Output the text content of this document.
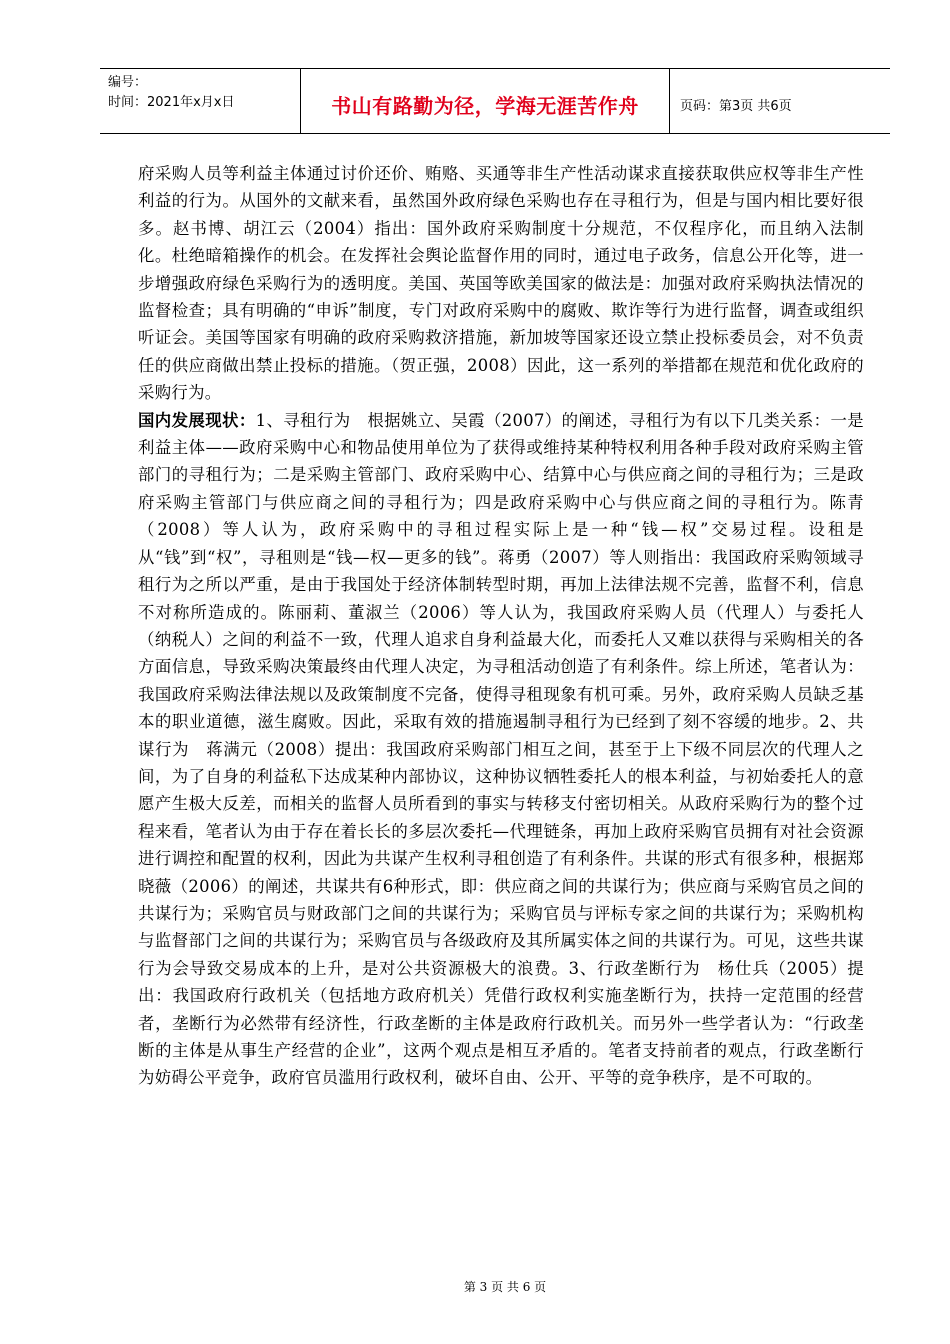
编号：
时间：2021年x月x日	书山有路勤为径，学海无涯苦作舟	页码：第3页 共6页

府采购人员等利益主体通过讨价还价、贿赂、买通等非生产性活动谋求直接获取供应权等非生产性利益的行为。从国外的文献来看，虽然国外政府绿色采购也存在寻租行为，但是与国内相比要好很多。赵书博、胡江云（2004）指出：国外政府采购制度十分规范，不仅程序化，而且纳入法制化。杜绝暗箱操作的机会。在发挥社会舆论监督作用的同时，通过电子政务，信息公开化等，进一步增强政府绿色采购行为的透明度。美国、英国等欧美国家的做法是：加强对政府采购执法情况的监督检查；具有明确的“申诉”制度，专门对政府采购中的腐败、欺诈等行为进行监督，调查或组织听证会。美国等国家有明确的政府采购救济措施，新加坡等国家还设立禁止投标委员会，对不负责任的供应商做出禁止投标的措施。（贺正强，2008）因此，这一系列的举措都在规范和优化政府的采购行为。

国内发展现状：1、寻租行为　根据姚立、吴霞（2007）的阐述，寻租行为有以下几类关系：一是利益主体——政府采购中心和物品使用单位为了获得或维持某种特权利用各种手段对政府采购主管部门的寻租行为；二是采购主管部门、政府采购中心、结算中心与供应商之间的寻租行为；三是政府采购主管部门与供应商之间的寻租行为；四是政府采购中心与供应商之间的寻租行为。陈青（2008）等人认为，政府采购中的寻租过程实际上是一种“钱—权”交易过程。设租是从“钱”到“权”，寻租则是“钱—权—更多的钱”。蒋勇（2007）等人则指出：我国政府采购领域寻租行为之所以严重，是由于我国处于经济体制转型时期，再加上法律法规不完善，监督不利，信息不对称所造成的。陈丽莉、董淑兰（2006）等人认为，我国政府采购人员（代理人）与委托人（纳税人）之间的利益不一致，代理人追求自身利益最大化，而委托人又难以获得与采购相关的各方面信息，导致采购决策最终由代理人决定，为寻租活动创造了有利条件。综上所述，笔者认为：我国政府采购法律法规以及政策制度不完备，使得寻租现象有机可乘。另外，政府采购人员缺乏基本的职业道德，滋生腐败。因此，采取有效的措施遏制寻租行为已经到了刻不容缓的地步。2、共谋行为　蒋满元（2008）提出：我国政府采购部门相互之间，甚至于上下级不同层次的代理人之间，为了自身的利益私下达成某种内部协议，这种协议牺牲委托人的根本利益，与初始委托人的意愿产生极大反差，而相关的监督人员所看到的事实与转移支付密切相关。从政府采购行为的整个过程来看，笔者认为由于存在着长长的多层次委托—代理链条，再加上政府采购官员拥有对社会资源进行调控和配置的权利，因此为共谋产生权利寻租创造了有利条件。共谋的形式有很多种，根据郑晓薇（2006）的阐述，共谋共有6种形式，即：供应商之间的共谋行为；供应商与采购官员之间的共谋行为；采购官员与财政部门之间的共谋行为；采购官员与评标专家之间的共谋行为；采购机构与监督部门之间的共谋行为；采购官员与各级政府及其所属实体之间的共谋行为。可见，这些共谋行为会导致交易成本的上升，是对公共资源极大的浪费。3、行政垄断行为　杨仕兵（2005）提出：我国政府行政机关（包括地方政府机关）凭借行政权利实施垄断行为，扶持一定范围的经营者，垄断行为必然带有经济性，行政垄断的主体是政府行政机关。而另外一些学者认为：“行政垄断的主体是从事生产经营的企业”，这两个观点是相互矛盾的。笔者支持前者的观点，行政垄断行为妨碍公平竞争，政府官员滥用行政权利，破坏自由、公开、平等的竞争秩序，是不可取的。

第 3 页 共 6 页
